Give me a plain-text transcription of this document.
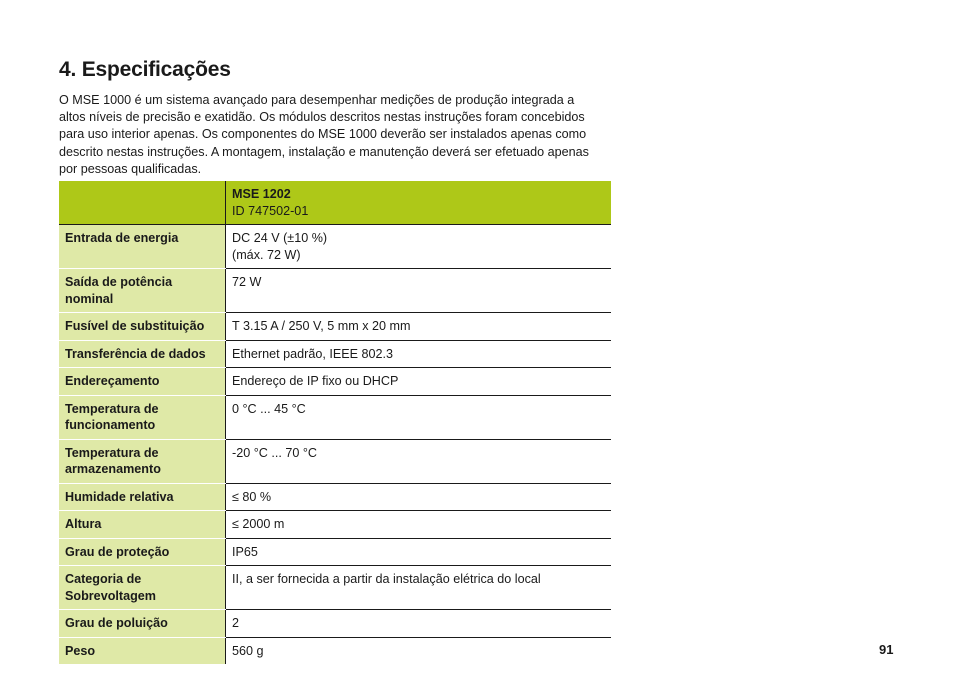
4. Especificações

O MSE 1000 é um sistema avançado para desempenhar medições de produção integrada a altos níveis de precisão e exatidão. Os módulos descritos nestas instruções foram concebidos para uso interior apenas. Os componentes do MSE 1000 deverão ser instalados apenas como descrito nestas instruções. A montagem, instalação e manutenção deverá ser efetuado apenas por pessoas qualificadas.

	MSE 1202
ID 747502-01

Entrada de energia	DC 24 V (±10 %)
(máx. 72 W)
Saída de potência nominal	72 W
Fusível de substituição	T 3.15 A / 250 V, 5 mm x 20 mm
Transferência de dados	Ethernet padrão, IEEE 802.3
Endereçamento	Endereço de IP fixo ou DHCP
Temperatura de funcionamento	0 °C ... 45 °C
Temperatura de armazenamento	-20 °C ... 70 °C
Humidade relativa	≤ 80 %
Altura	≤ 2000 m
Grau de proteção	IP65
Categoria de Sobrevoltagem	II, a ser fornecida a partir da instalação elétrica do local
Grau de poluição	2
Peso	560 g	91
